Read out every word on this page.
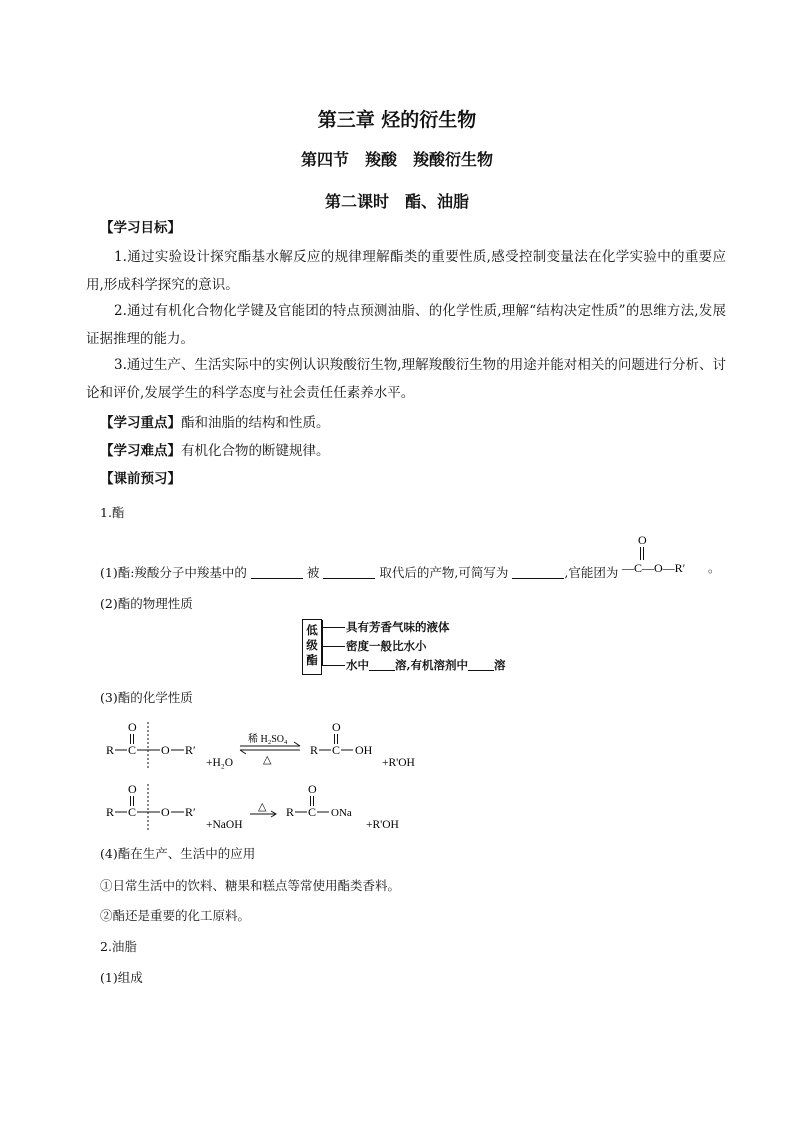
第三章 烃的衍生物
第四节　羧酸　羧酸衍生物
第二课时　酯、油脂
【学习目标】
1.通过实验设计探究酯基水解反应的规律理解酯类的重要性质,感受控制变量法在化学实验中的重要应用,形成科学探究的意识。
2.通过有机化合物化学键及官能团的特点预测油脂、的化学性质,理解“结构决定性质”的思维方法,发展证据推理的能力。
3.通过生产、生活实际中的实例认识羧酸衍生物,理解羧酸衍生物的用途并能对相关的问题进行分析、讨论和评价,发展学生的科学态度与社会责任任素养水平。
【学习重点】酯和油脂的结构和性质。
【学习难点】有机化合物的断键规律。
【课前预习】
1.酯
(1)酯:羧酸分子中羧基中的	被	取代后的产物,可简写为	,官能团为
O
—C—O—R′ 。
(2)酯的物理性质
低
级
酯
具有芳香气味的液体
密度一般比水小
水中 溶,有机溶剂中 溶
(3)酯的化学性质
O
R C O R′
+H₂O
稀 H₂SO₄
△
O
R C OH
+R'OH
O
R C O R′
+NaOH
△
O
R C ONa
+R'OH
(4)酯在生产、生活中的应用
①日常生活中的饮料、糖果和糕点等常使用酯类香料。
②酯还是重要的化工原料。
2.油脂
(1)组成
